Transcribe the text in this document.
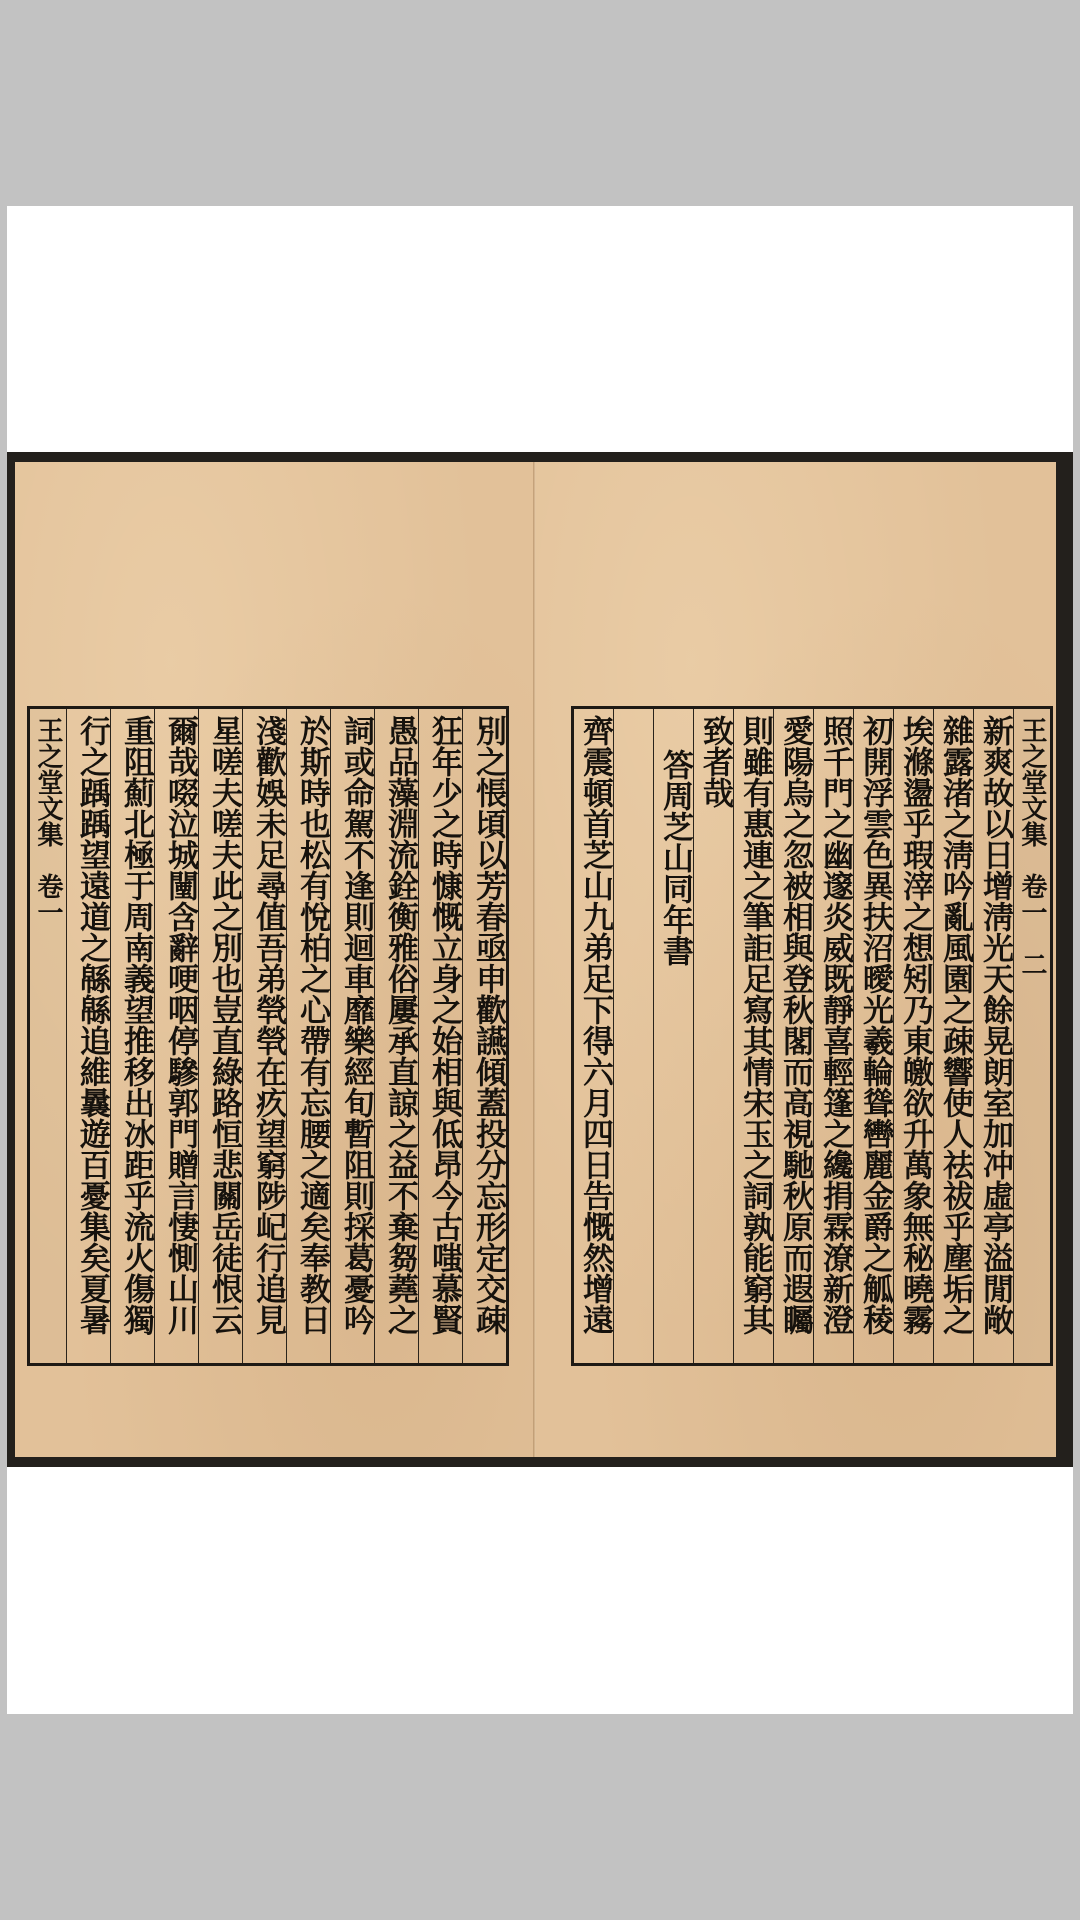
別之悵頃以芳春亟申歡讌傾蓋投分忘形定交疎
狂年少之時慷慨立身之始相與低昂今古嗤慕賢
愚品藻淵流銓衡雅俗屢承直諒之益不棄芻蕘之
詞或命駕不逢則迴車靡樂經旬暫阻則採葛憂吟
於斯時也松有悅柏之心帶有忘腰之適矣奉教日
淺歡娛未足尋值吾弟煢煢在疚望窮陟屺行追見
星嗟夫嗟夫此之別也豈直綠路恒悲關岳徒恨云
爾哉啜泣城闉含辭哽咽停驂郭門贈言悽惻山川
重阻薊北極于周南義望推移出冰距乎流火傷獨
行之踽踽望遠道之緜緜追維曩遊百憂集矣夏暑
王之堂文集　卷一	王之堂文集　卷一　二
新爽故以日增淸光天餘晃朗室加冲虛亭溢閒敞
雜露渚之淸吟亂風園之疎響使人祛祓乎塵垢之
埃滌盪乎瑕滓之想矧乃東皦欲升萬象無秘曉霧
初開浮雲色異扶沼曖光羲輪聳轡麗金爵之觚稜
照千門之幽邃炎威既靜喜輕篷之纔捐霖潦新澄
愛陽烏之忽被相與登秋閣而高視馳秋原而遐矚
則雖有惠連之筆詎足寫其情宋玉之詞孰能窮其
致者哉
答周芝山同年書
齊震頓首芝山九弟足下得六月四日告慨然增遠
